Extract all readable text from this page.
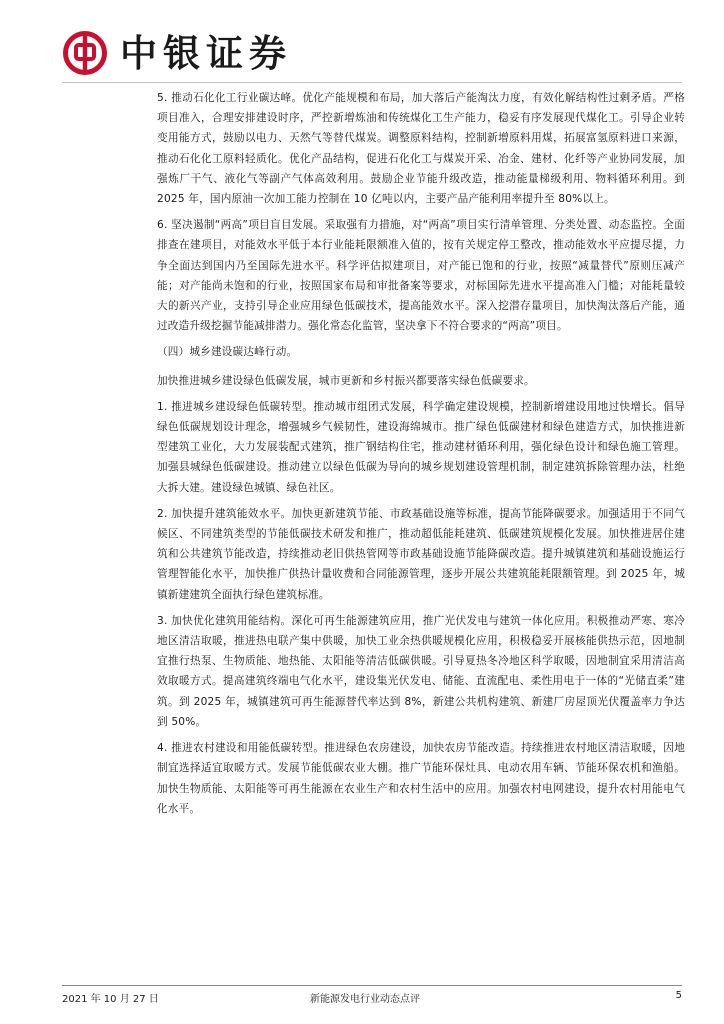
中银证券

5. 推动石化化工行业碳达峰。优化产能规模和布局，加大落后产能淘汰力度，有效化解结构性过剩矛盾。严格项目准入，合理安排建设时序，严控新增炼油和传统煤化工生产能力，稳妥有序发展现代煤化工。引导企业转变用能方式，鼓励以电力、天然气等替代煤炭。调整原料结构，控制新增原料用煤，拓展富氢原料进口来源，推动石化化工原料轻质化。优化产品结构，促进石化化工与煤炭开采、冶金、建材、化纤等产业协同发展，加强炼厂干气、液化气等副产气体高效利用。鼓励企业节能升级改造，推动能量梯级利用、物料循环利用。到 2025 年，国内原油一次加工能力控制在 10 亿吨以内，主要产品产能利用率提升至 80%以上。

6. 坚决遏制“两高”项目盲目发展。采取强有力措施，对“两高”项目实行清单管理、分类处置、动态监控。全面排查在建项目，对能效水平低于本行业能耗限额准入值的，按有关规定停工整改，推动能效水平应提尽提，力争全面达到国内乃至国际先进水平。科学评估拟建项目，对产能已饱和的行业，按照“减量替代”原则压减产能；对产能尚未饱和的行业，按照国家布局和审批备案等要求，对标国际先进水平提高准入门槛；对能耗量较大的新兴产业，支持引导企业应用绿色低碳技术，提高能效水平。深入挖潜存量项目，加快淘汰落后产能，通过改造升级挖掘节能减排潜力。强化常态化监管，坚决拿下不符合要求的“两高”项目。

（四）城乡建设碳达峰行动。

加快推进城乡建设绿色低碳发展，城市更新和乡村振兴都要落实绿色低碳要求。

1. 推进城乡建设绿色低碳转型。推动城市组团式发展，科学确定建设规模，控制新增建设用地过快增长。倡导绿色低碳规划设计理念，增强城乡气候韧性，建设海绵城市。推广绿色低碳建材和绿色建造方式，加快推进新型建筑工业化，大力发展装配式建筑，推广钢结构住宅，推动建材循环利用，强化绿色设计和绿色施工管理。加强县城绿色低碳建设。推动建立以绿色低碳为导向的城乡规划建设管理机制，制定建筑拆除管理办法，杜绝大拆大建。建设绿色城镇、绿色社区。

2. 加快提升建筑能效水平。加快更新建筑节能、市政基础设施等标准，提高节能降碳要求。加强适用于不同气候区、不同建筑类型的节能低碳技术研发和推广，推动超低能耗建筑、低碳建筑规模化发展。加快推进居住建筑和公共建筑节能改造，持续推动老旧供热管网等市政基础设施节能降碳改造。提升城镇建筑和基础设施运行管理智能化水平，加快推广供热计量收费和合同能源管理，逐步开展公共建筑能耗限额管理。到 2025 年，城镇新建建筑全面执行绿色建筑标准。

3. 加快优化建筑用能结构。深化可再生能源建筑应用，推广光伏发电与建筑一体化应用。积极推动严寒、寒冷地区清洁取暖，推进热电联产集中供暖，加快工业余热供暖规模化应用，积极稳妥开展核能供热示范，因地制宜推行热泵、生物质能、地热能、太阳能等清洁低碳供暖。引导夏热冬冷地区科学取暖，因地制宜采用清洁高效取暖方式。提高建筑终端电气化水平，建设集光伏发电、储能、直流配电、柔性用电于一体的“光储直柔”建筑。到 2025 年，城镇建筑可再生能源替代率达到 8%，新建公共机构建筑、新建厂房屋顶光伏覆盖率力争达到 50%。

4. 推进农村建设和用能低碳转型。推进绿色农房建设，加快农房节能改造。持续推进农村地区清洁取暖，因地制宜选择适宜取暖方式。发展节能低碳农业大棚。推广节能环保灶具、电动农用车辆、节能环保农机和渔船。加快生物质能、太阳能等可再生能源在农业生产和农村生活中的应用。加强农村电网建设，提升农村用能电气化水平。

2021 年 10 月 27 日	新能源发电行业动态点评	5
